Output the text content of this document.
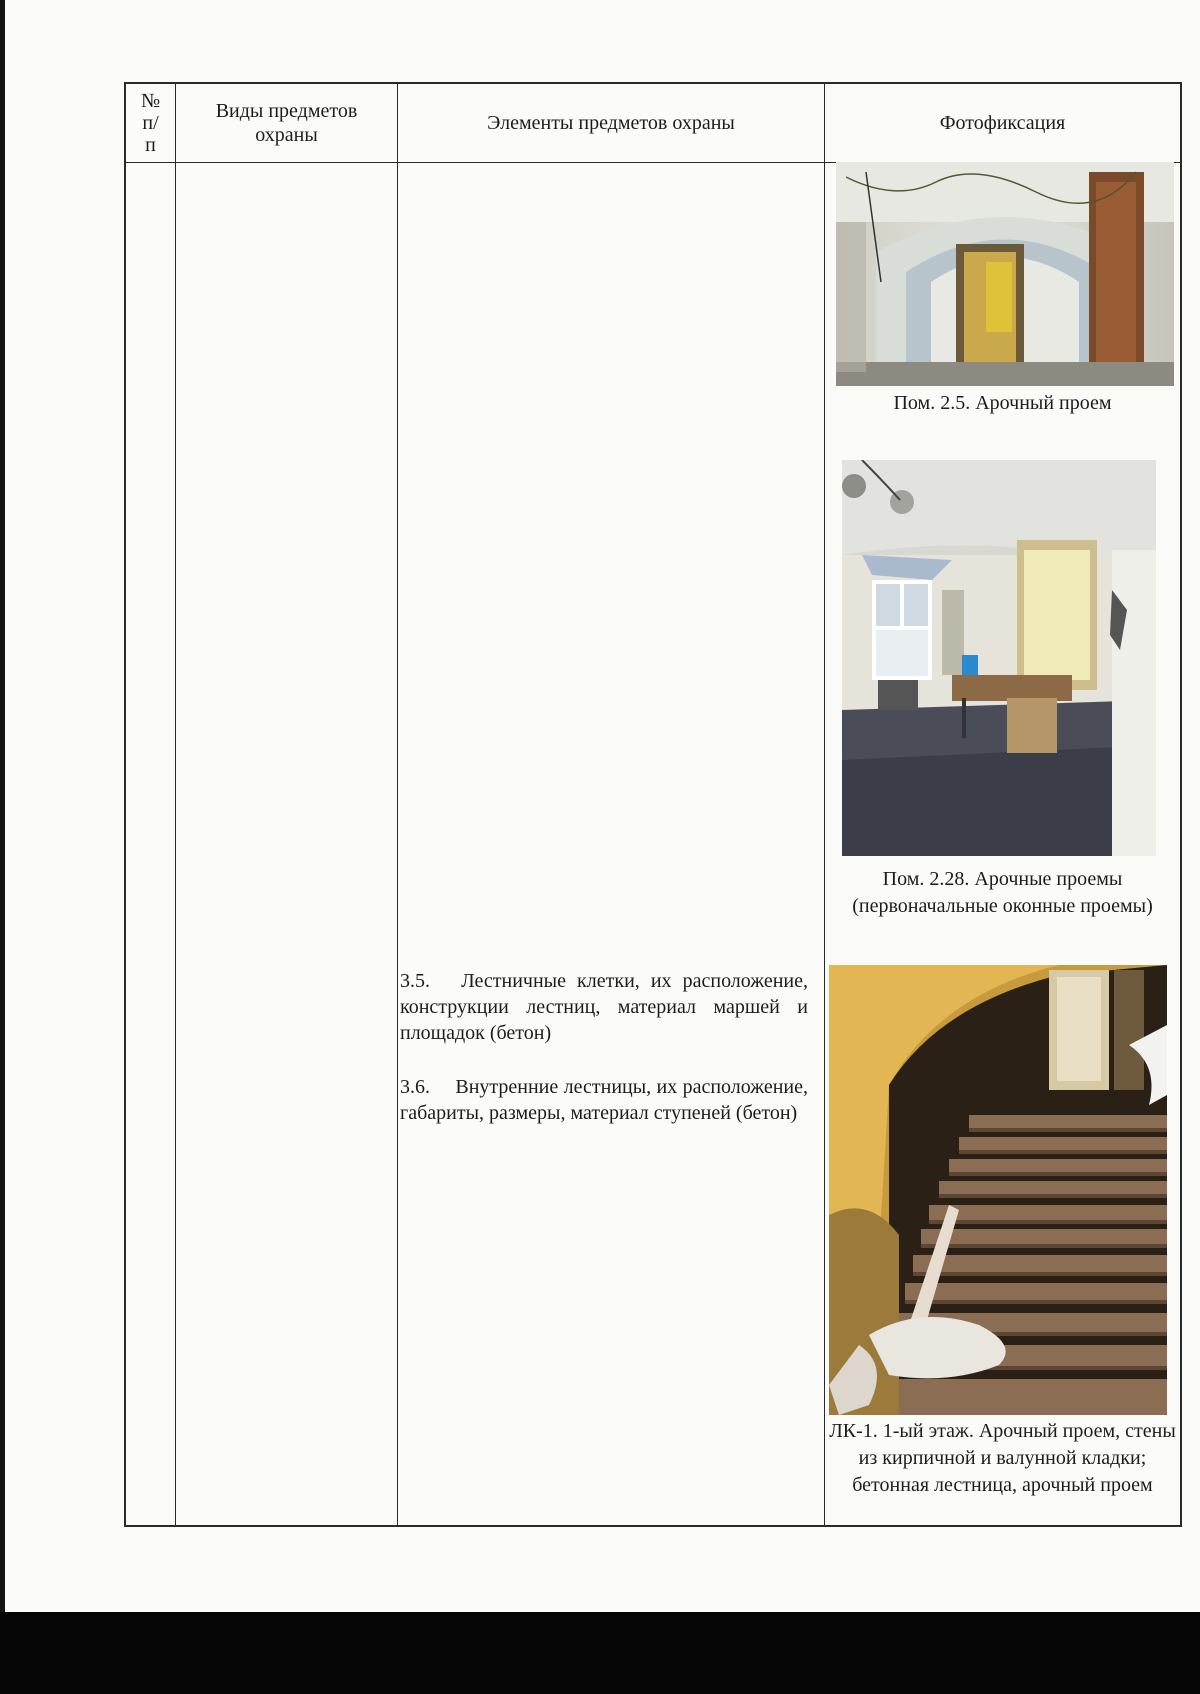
№
п/
п
Виды предметов охраны
Элементы предметов охраны	Фотофиксация
3.5.  Лестничные клетки, их расположение, конструкции лестниц, материал маршей и площадок (бетон)
3.6.  Внутренние лестницы, их расположение, габариты, размеры, материал ступеней (бетон)
Пом. 2.5. Арочный проем
Пом. 2.28. Арочные проемы (первоначальные оконные проемы)
ЛК-1. 1-ый этаж. Арочный проем, стены из кирпичной и валунной кладки; бетонная лестница, арочный проем
